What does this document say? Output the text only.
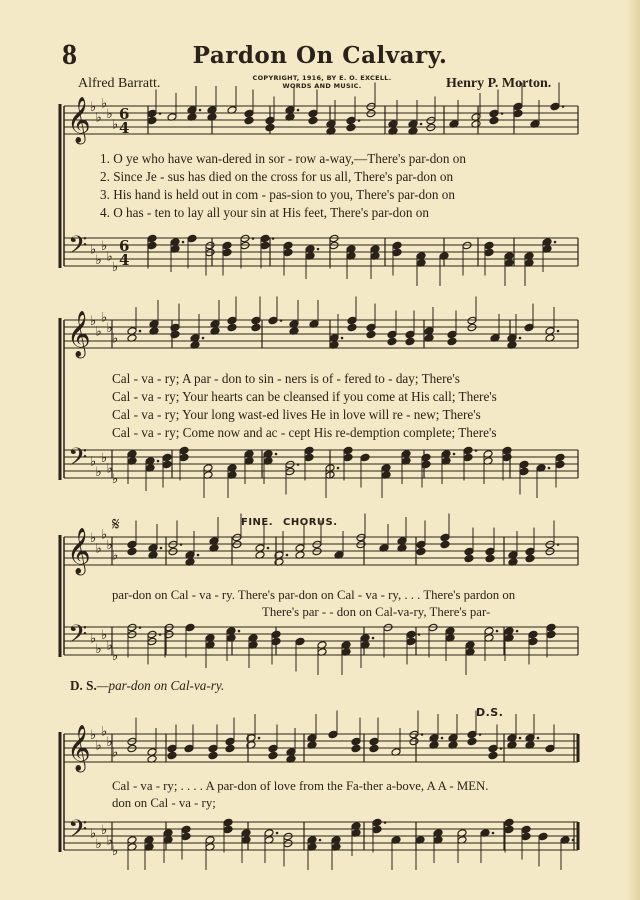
8	Pardon On Calvary.
Alfred Barratt.	COPYRIGHT, 1916, BY E. O. EXCELL.
WORDS AND MUSIC.	Henry P. Morton.
𝄞
𝄢
♭
♭
♭
♭
♭
♭
♭
♭
♭
♭
6
4
6
4
𝄞
𝄢
♭
♭
♭
♭
♭
♭
♭
♭
♭
♭
𝄞
𝄢
♭
♭
♭
♭
♭
♭
♭
♭
♭
♭
𝄞
𝄢
♭
♭
♭
♭
♭
♭
♭
♭
♭
♭
1. O ye who have wan-dered in sor - row a-way,—There's par-don on
2. Since Je - sus has died on the cross for us all, There's par-don on
3. His hand is held out in com - pas-sion to you, There's par-don on
4. O has - ten to lay all your sin at His feet, There's par-don on
Cal - va - ry; A par - don to sin - ners is of - fered to - day; There's
Cal - va - ry; Your hearts can be cleansed if you come at His call; There's
Cal - va - ry; Your long wast-ed lives He in love will re - new; There's
Cal - va - ry; Come now and ac - cept His re-demption complete; There's
𝄋	FINE. CHORUS.
par-don on Cal - va - ry. There's par-don on Cal - va - ry, . . . There's pardon on
There's par - - don on Cal-va-ry, There's par-
D. S.—par-don on Cal-va-ry.
D.S.
Cal - va - ry; . . . . A par-don of love from the Fa-ther a-bove, A A - MEN.
don on Cal - va - ry;
